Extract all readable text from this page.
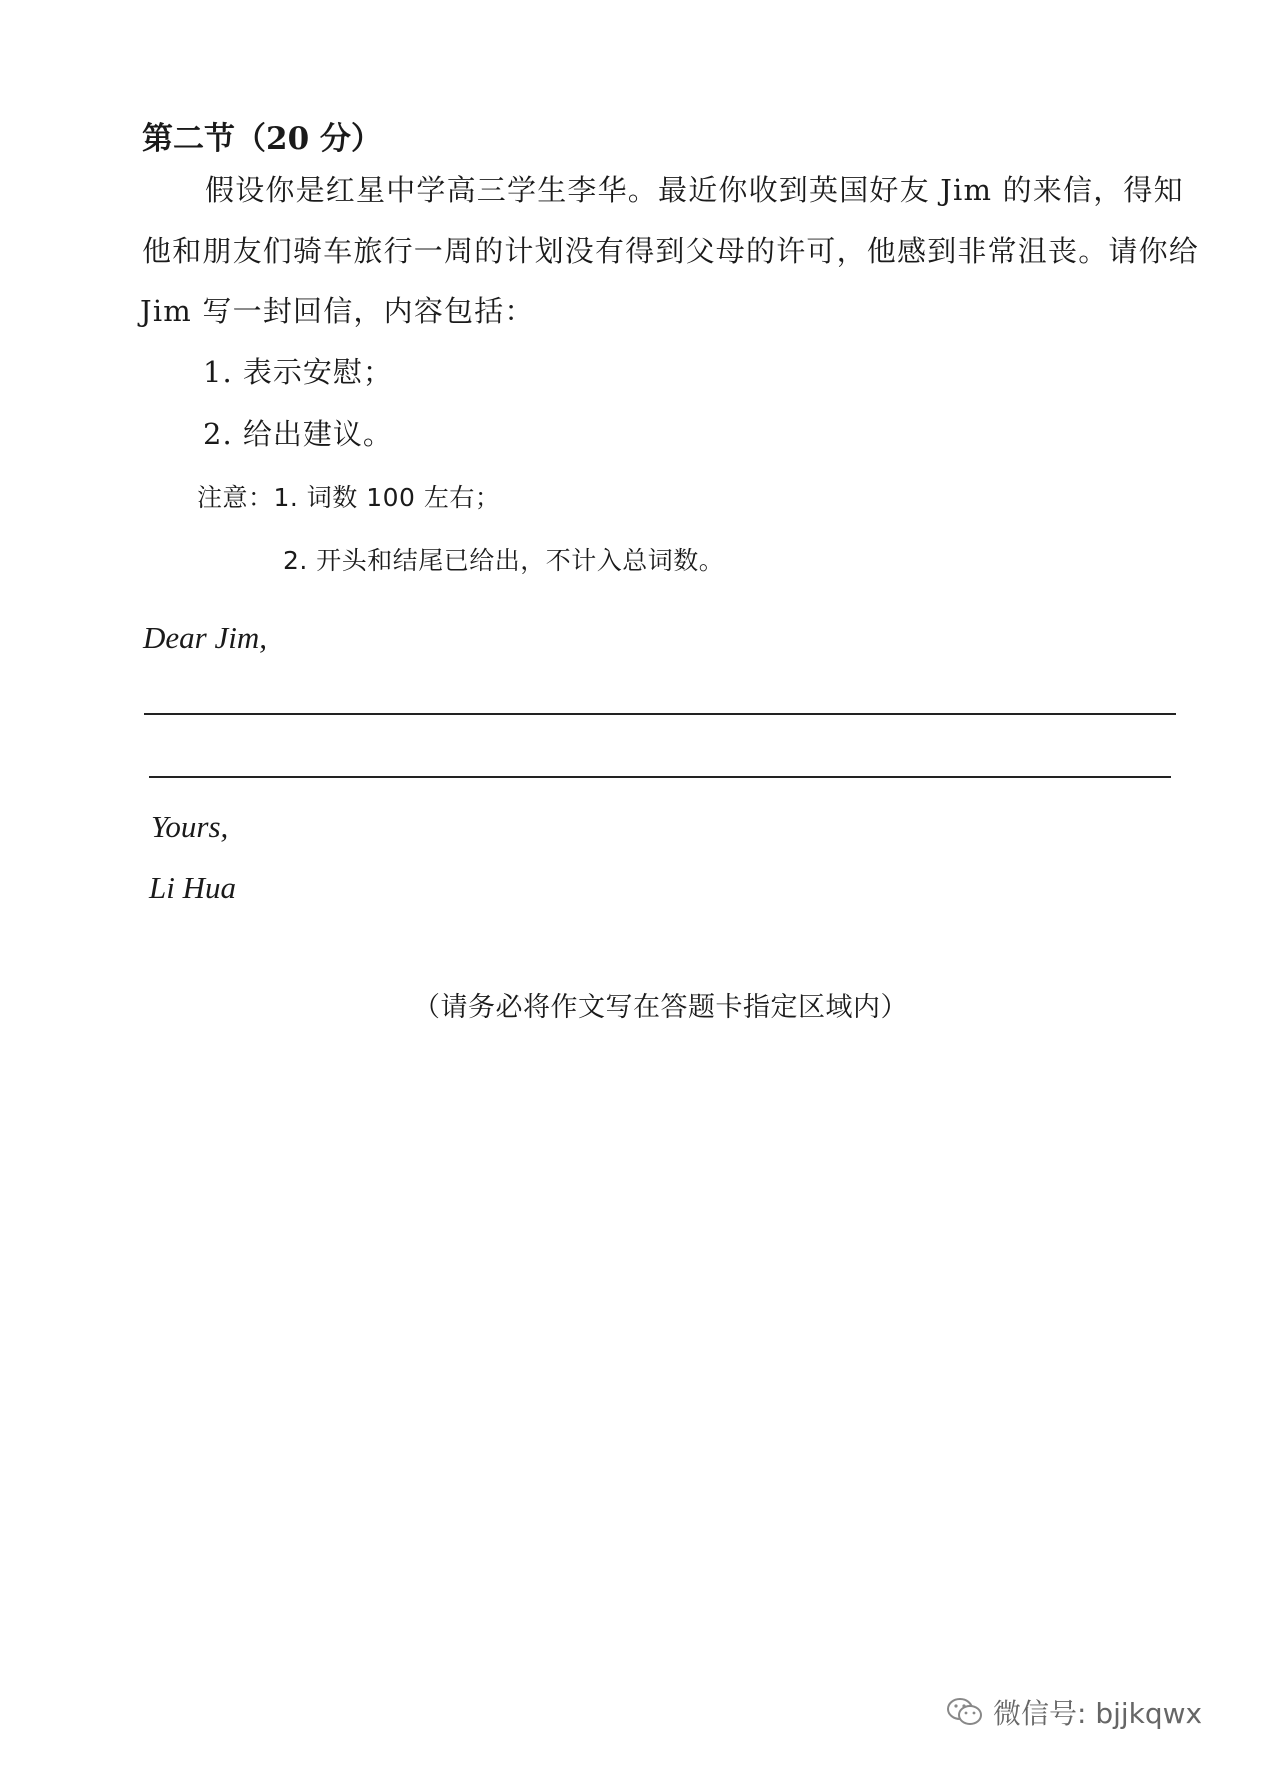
第二节（20 分）
假设你是红星中学高三学生李华。最近你收到英国好友 Jim 的来信，得知
他和朋友们骑车旅行一周的计划没有得到父母的许可，他感到非常沮丧。请你给
Jim 写一封回信，内容包括：
1. 表示安慰；
2. 给出建议。
注意：1. 词数 100 左右；
2. 开头和结尾已给出，不计入总词数。
Dear Jim,
Yours,
Li Hua
（请务必将作文写在答题卡指定区域内）
微信号: bjjkqwx
